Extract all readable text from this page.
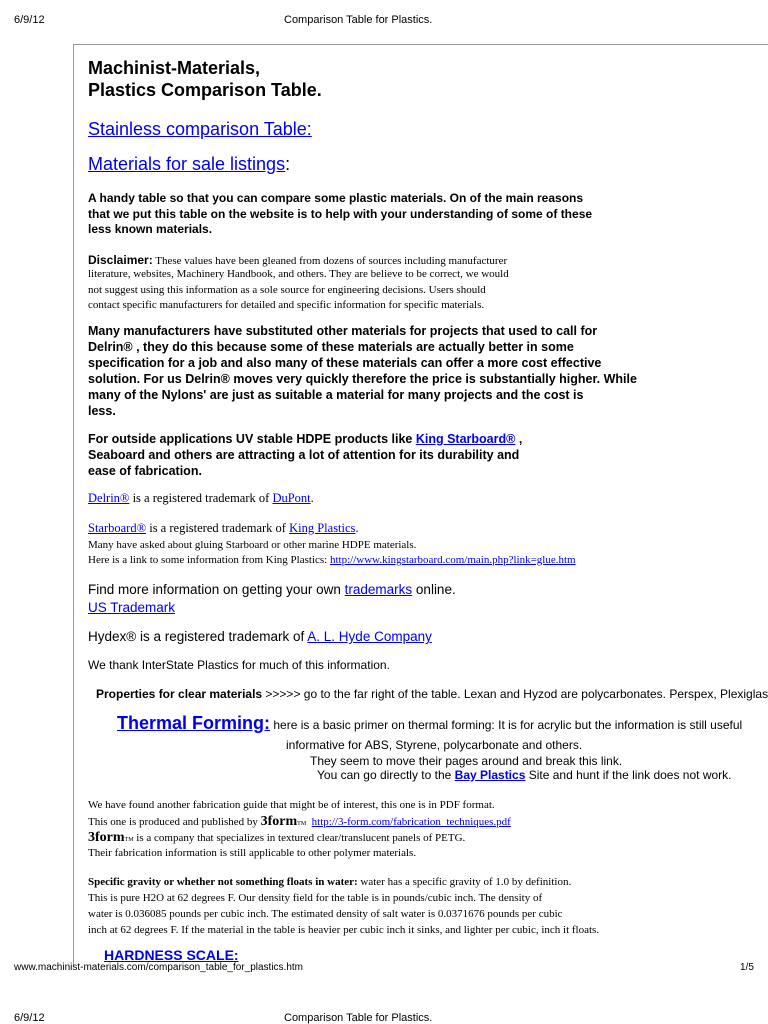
6/9/12	Comparison Table for Plastics.
Machinist-Materials,
Plastics Comparison Table.
Stainless comparison Table:
Materials for sale listings:
A handy table so that you can compare some plastic materials. On of the main reasons
that we put this table on the website is to help with your understanding of some of these
less known materials.
Disclaimer: These values have been gleaned from dozens of sources including manufacturer
literature, websites, Machinery Handbook, and others. They are believe to be correct, we would
not suggest using this information as a sole source for engineering decisions. Users should
contact specific manufacturers for detailed and specific information for specific materials.
Many manufacturers have substituted other materials for projects that used to call for
Delrin® , they do this because some of these materials are actually better in some
specification for a job and also many of these materials can offer a more cost effective
solution. For us Delrin® moves very quickly therefore the price is substantially higher. While
many of the Nylons' are just as suitable a material for many projects and the cost is
less.
For outside applications UV stable HDPE products like King Starboard® ,
Seaboard and others are attracting a lot of attention for its durability and
ease of fabrication.
Delrin® is a registered trademark of DuPont.
Starboard® is a registered trademark of King Plastics.
Many have asked about gluing Starboard or other marine HDPE materials.
Here is a link to some information from King Plastics: http://www.kingstarboard.com/main.php?link=glue.htm
Find more information on getting your own trademarks online.
US Trademark
Hydex® is a registered trademark of A. L. Hyde Company
We thank InterState Plastics for much of this information.
Properties for clear materials >>>>> go to the far right of the table. Lexan and Hyzod are polycarbonates. Perspex, Plexiglas
Thermal Forming: here is a basic primer on thermal forming: It is for acrylic but the information is still useful
informative for ABS, Styrene, polycarbonate and others.
They seem to move their pages around and break this link.
You can go directly to the Bay Plastics Site and hunt if the link does not work.
We have found another fabrication guide that might be of interest, this one is in PDF format.
This one is produced and published by 3formTM http://3-form.com/fabrication_techniques.pdf
3formTM is a company that specializes in textured clear/translucent panels of PETG.
Their fabrication information is still applicable to other polymer materials.
Specific gravity or whether not something floats in water: water has a specific gravity of 1.0 by definition.
This is pure H2O at 62 degrees F. Our density field for the table is in pounds/cubic inch. The density of
water is 0.036085 pounds per cubic inch. The estimated density of salt water is 0.0371676 pounds per cubic
inch at 62 degrees F. If the material in the table is heavier per cubic inch it sinks, and lighter per cubic, inch it floats.
HARDNESS SCALE:
www.machinist-materials.com/comparison_table_for_plastics.htm	1/5
6/9/12	Comparison Table for Plastics.
